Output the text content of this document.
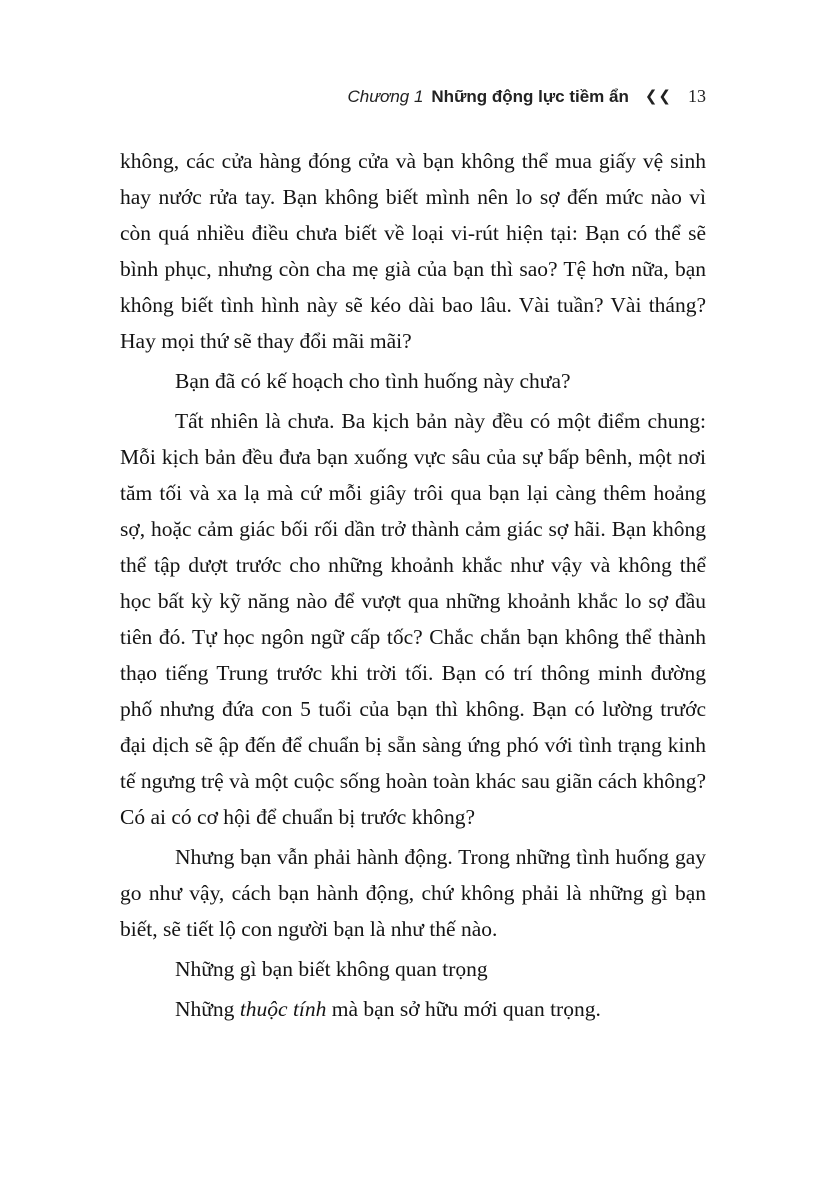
Chương 1 Những động lực tiềm ẩn ❮❮ 13

không, các cửa hàng đóng cửa và bạn không thể mua giấy vệ sinh hay nước rửa tay. Bạn không biết mình nên lo sợ đến mức nào vì còn quá nhiều điều chưa biết về loại vi-rút hiện tại: Bạn có thể sẽ bình phục, nhưng còn cha mẹ già của bạn thì sao? Tệ hơn nữa, bạn không biết tình hình này sẽ kéo dài bao lâu. Vài tuần? Vài tháng? Hay mọi thứ sẽ thay đổi mãi mãi?

Bạn đã có kế hoạch cho tình huống này chưa?

Tất nhiên là chưa. Ba kịch bản này đều có một điểm chung: Mỗi kịch bản đều đưa bạn xuống vực sâu của sự bấp bênh, một nơi tăm tối và xa lạ mà cứ mỗi giây trôi qua bạn lại càng thêm hoảng sợ, hoặc cảm giác bối rối dần trở thành cảm giác sợ hãi. Bạn không thể tập dượt trước cho những khoảnh khắc như vậy và không thể học bất kỳ kỹ năng nào để vượt qua những khoảnh khắc lo sợ đầu tiên đó. Tự học ngôn ngữ cấp tốc? Chắc chắn bạn không thể thành thạo tiếng Trung trước khi trời tối. Bạn có trí thông minh đường phố nhưng đứa con 5 tuổi của bạn thì không. Bạn có lường trước đại dịch sẽ ập đến để chuẩn bị sẵn sàng ứng phó với tình trạng kinh tế ngưng trệ và một cuộc sống hoàn toàn khác sau giãn cách không? Có ai có cơ hội để chuẩn bị trước không?

Nhưng bạn vẫn phải hành động. Trong những tình huống gay go như vậy, cách bạn hành động, chứ không phải là những gì bạn biết, sẽ tiết lộ con người bạn là như thế nào.

Những gì bạn biết không quan trọng

Những thuộc tính mà bạn sở hữu mới quan trọng.
